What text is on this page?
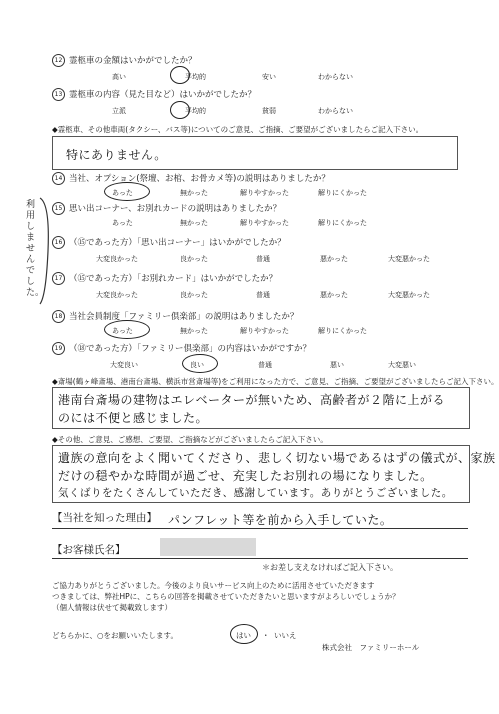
12 霊柩車の金額はいかがでしたか？
高い	平均的	安い	わからない
13 霊柩車の内容（見た目など）はいかがでしたか？
立派	平均的	貧弱	わからない
◆霊柩車、その他車両(タクシー、バス等)についてのご意見、ご指摘、ご要望がございましたらご記入下さい。
特にありません。
14 当社、オプション(祭壇、お棺、お骨カメ等)の説明はありましたか？
あった	無かった	解りやすかった	解りにくかった
15 思い出コーナー、お別れカードの説明はありましたか？
あった	無かった	解りやすかった	解りにくかった
16 （⑮であった方）「思い出コーナー」はいかがでしたか？
大変良かった	良かった	普通	悪かった	大変悪かった
17 （⑮であった方）「お別れカード」はいかがでしたか？
大変良かった	良かった	普通	悪かった	大変悪かった
利用しませんでした。
18 当社会員制度「ファミリー倶楽部」の説明はありましたか？
あった	無かった	解りやすかった	解りにくかった
19 （⑱であった方）「ファミリー倶楽部」の内容はいかがですか？
大変良い	良い	普通	悪い	大変悪い
◆斎場(鶴ヶ峰斎場、港南台斎場、横浜市営斎場等)をご利用になった方で、ご意見、ご指摘、ご要望がございましたらご記入下さい。
港南台斎場の建物はエレベーターが無いため、高齢者が２階に上がる
のには不便と感じました。
◆その他、ご意見、ご感想、ご要望、ご指摘などがございましたらご記入下さい。
遺族の意向をよく聞いてくださり、悲しく切ない場であるはずの儀式が、家族
だけの穏やかな時間が過ごせ、充実したお別れの場になりました。
気くばりをたくさんしていただき、感謝しています。ありがとうございました。
【当社を知った理由】 パンフレット等を前から入手していた。
【お客様氏名】
＊お差し支えなければご記入下さい。
ご協力ありがとうございました。今後のより良いサービス向上のために活用させていただきます
つきましては、弊社HPに、こちらの回答を掲載させていただきたいと思いますがよろしいでしょうか？
（個人情報は伏せて掲載致します）
どちらかに、○をお願いいたします。	はい ・ いいえ
株式会社　ファミリーホール
